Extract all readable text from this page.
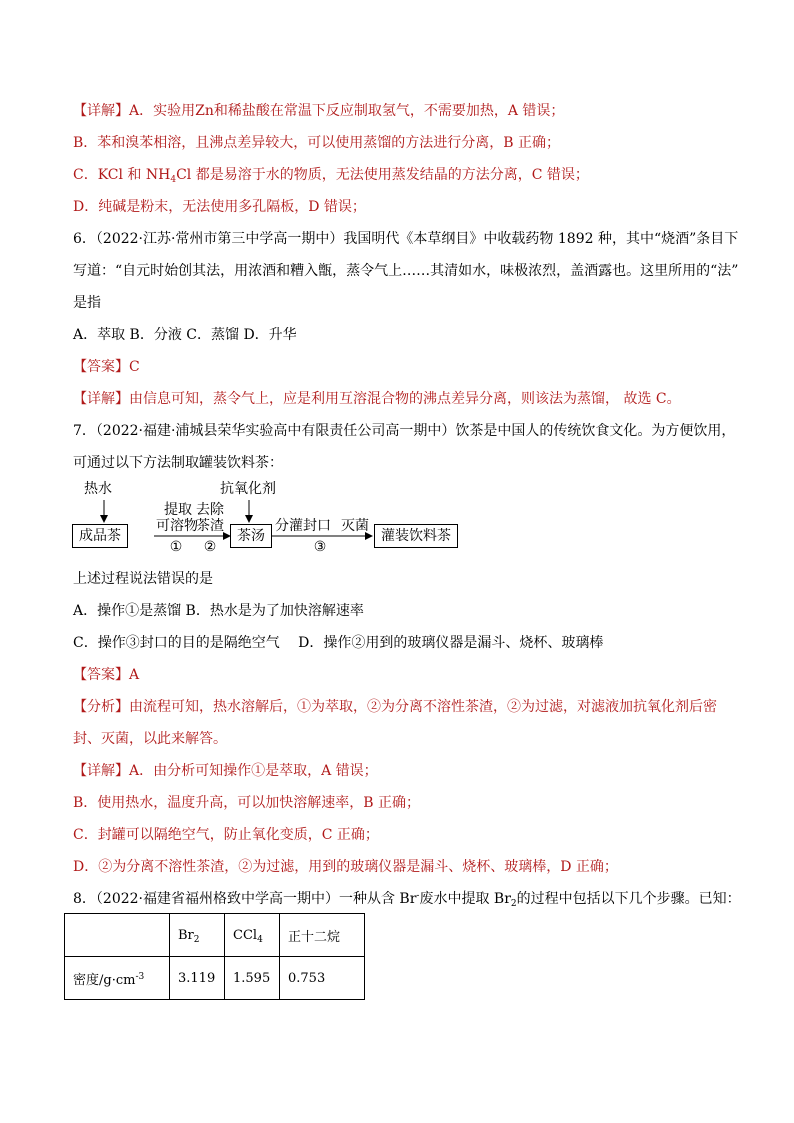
【详解】A．实验用Zn和稀盐酸在常温下反应制取氢气，不需要加热，A 错误；
B．苯和溴苯相溶，且沸点差异较大，可以使用蒸馏的方法进行分离，B 正确；
C．KCl 和 $NH_4Cl$ 都是易溶于水的物质，无法使用蒸发结晶的方法分离，C 错误；
D．纯碱是粉末，无法使用多孔隔板，D 错误；
6．（2022·江苏·常州市第三中学高一期中）我国明代《本草纲目》中收载药物 1892 种，其中“烧酒”条目下
写道：“自元时始创其法，用浓酒和糟入甑，蒸令气上……其清如水，味极浓烈，盖酒露也。这里所用的“法”
是指
A．萃取 B．分液 C．蒸馏 D．升华
【答案】C
【详解】由信息可知，蒸令气上，应是利用互溶混合物的沸点差异分离，则该法为蒸馏， 故选 C。
7．（2022·福建·浦城县荣华实验高中有限责任公司高一期中）饮茶是中国人的传统饮食文化。为方便饮用，
可通过以下方法制取罐装饮料茶：
热水	抗氧化剂
成品茶
提取
可溶物
①
去除
茶渣
②
茶汤
分灌封口
③
灭菌
灌装饮料茶
上述过程说法错误的是
A．操作①是蒸馏 B．热水是为了加快溶解速率
C．操作③封口的目的是隔绝空气 　D．操作②用到的玻璃仪器是漏斗、烧杯、玻璃棒
【答案】A
【分析】由流程可知，热水溶解后，①为萃取，②为分离不溶性茶渣，②为过滤，对滤液加抗氧化剂后密
封、灭菌，以此来解答。
【详解】A．由分析可知操作①是萃取，A 错误；
B．使用热水，温度升高，可以加快溶解速率，B 正确；
C．封罐可以隔绝空气，防止氧化变质，C 正确；
D．②为分离不溶性茶渣，②为过滤，用到的玻璃仪器是漏斗、烧杯、玻璃棒，D 正确；
8．（2022·福建省福州格致中学高一期中）一种从含 Br-废水中提取 $Br_2$的过程中包括以下几个步骤。已知：
	$Br_2$	CCl$_4$	正十二烷
密度$/g\cdot cm^{-3}$	3.119	1.595	0.753
